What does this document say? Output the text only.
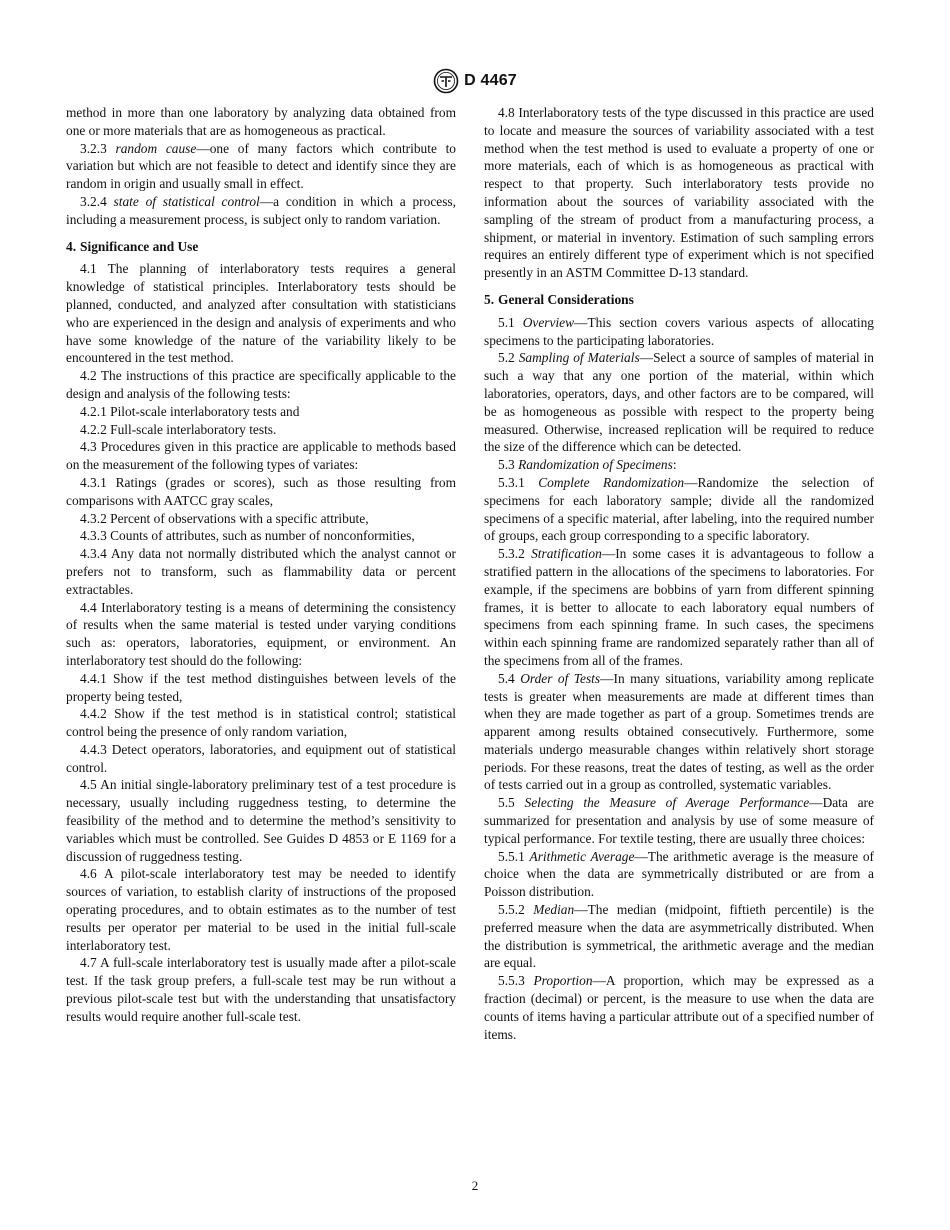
D 4467

method in more than one laboratory by analyzing data obtained from one or more materials that are as homogeneous as practical.

3.2.3 random cause—one of many factors which contribute to variation but which are not feasible to detect and identify since they are random in origin and usually small in effect.

3.2.4 state of statistical control—a condition in which a process, including a measurement process, is subject only to random variation.

4. Significance and Use

4.1 The planning of interlaboratory tests requires a general knowledge of statistical principles. Interlaboratory tests should be planned, conducted, and analyzed after consultation with statisticians who are experienced in the design and analysis of experiments and who have some knowledge of the nature of the variability likely to be encountered in the test method.

4.2 The instructions of this practice are specifically applicable to the design and analysis of the following tests:

4.2.1 Pilot-scale interlaboratory tests and

4.2.2 Full-scale interlaboratory tests.

4.3 Procedures given in this practice are applicable to methods based on the measurement of the following types of variates:

4.3.1 Ratings (grades or scores), such as those resulting from comparisons with AATCC gray scales,

4.3.2 Percent of observations with a specific attribute,

4.3.3 Counts of attributes, such as number of nonconformities,

4.3.4 Any data not normally distributed which the analyst cannot or prefers not to transform, such as flammability data or percent extractables.

4.4 Interlaboratory testing is a means of determining the consistency of results when the same material is tested under varying conditions such as: operators, laboratories, equipment, or environment. An interlaboratory test should do the following:

4.4.1 Show if the test method distinguishes between levels of the property being tested,

4.4.2 Show if the test method is in statistical control; statistical control being the presence of only random variation,

4.4.3 Detect operators, laboratories, and equipment out of statistical control.

4.5 An initial single-laboratory preliminary test of a test procedure is necessary, usually including ruggedness testing, to determine the feasibility of the method and to determine the method’s sensitivity to variables which must be controlled. See Guides D 4853 or E 1169 for a discussion of ruggedness testing.

4.6 A pilot-scale interlaboratory test may be needed to identify sources of variation, to establish clarity of instructions of the proposed operating procedures, and to obtain estimates as to the number of test results per operator per material to be used in the initial full-scale interlaboratory test.

4.7 A full-scale interlaboratory test is usually made after a pilot-scale test. If the task group prefers, a full-scale test may be run without a previous pilot-scale test but with the understanding that unsatisfactory results would require another full-scale test.

4.8 Interlaboratory tests of the type discussed in this practice are used to locate and measure the sources of variability associated with a test method when the test method is used to evaluate a property of one or more materials, each of which is as homogeneous as practical with respect to that property. Such interlaboratory tests provide no information about the sources of variability associated with the sampling of the stream of product from a manufacturing process, a shipment, or material in inventory. Estimation of such sampling errors requires an entirely different type of experiment which is not specified presently in an ASTM Committee D-13 standard.

5. General Considerations

5.1 Overview—This section covers various aspects of allocating specimens to the participating laboratories.

5.2 Sampling of Materials—Select a source of samples of material in such a way that any one portion of the material, within which laboratories, operators, days, and other factors are to be compared, will be as homogeneous as possible with respect to the property being measured. Otherwise, increased replication will be required to reduce the size of the difference which can be detected.

5.3 Randomization of Specimens:

5.3.1 Complete Randomization—Randomize the selection of specimens for each laboratory sample; divide all the randomized specimens of a specific material, after labeling, into the required number of groups, each group corresponding to a specific laboratory.

5.3.2 Stratification—In some cases it is advantageous to follow a stratified pattern in the allocations of the specimens to laboratories. For example, if the specimens are bobbins of yarn from different spinning frames, it is better to allocate to each laboratory equal numbers of specimens from each spinning frame. In such cases, the specimens within each spinning frame are randomized separately rather than all of the specimens from all of the frames.

5.4 Order of Tests—In many situations, variability among replicate tests is greater when measurements are made at different times than when they are made together as part of a group. Sometimes trends are apparent among results obtained consecutively. Furthermore, some materials undergo measurable changes within relatively short storage periods. For these reasons, treat the dates of testing, as well as the order of tests carried out in a group as controlled, systematic variables.

5.5 Selecting the Measure of Average Performance—Data are summarized for presentation and analysis by use of some measure of typical performance. For textile testing, there are usually three choices:

5.5.1 Arithmetic Average—The arithmetic average is the measure of choice when the data are symmetrically distributed or are from a Poisson distribution.

5.5.2 Median—The median (midpoint, fiftieth percentile) is the preferred measure when the data are asymmetrically distributed. When the distribution is symmetrical, the arithmetic average and the median are equal.

5.5.3 Proportion—A proportion, which may be expressed as a fraction (decimal) or percent, is the measure to use when the data are counts of items having a particular attribute out of a specified number of items.

2
